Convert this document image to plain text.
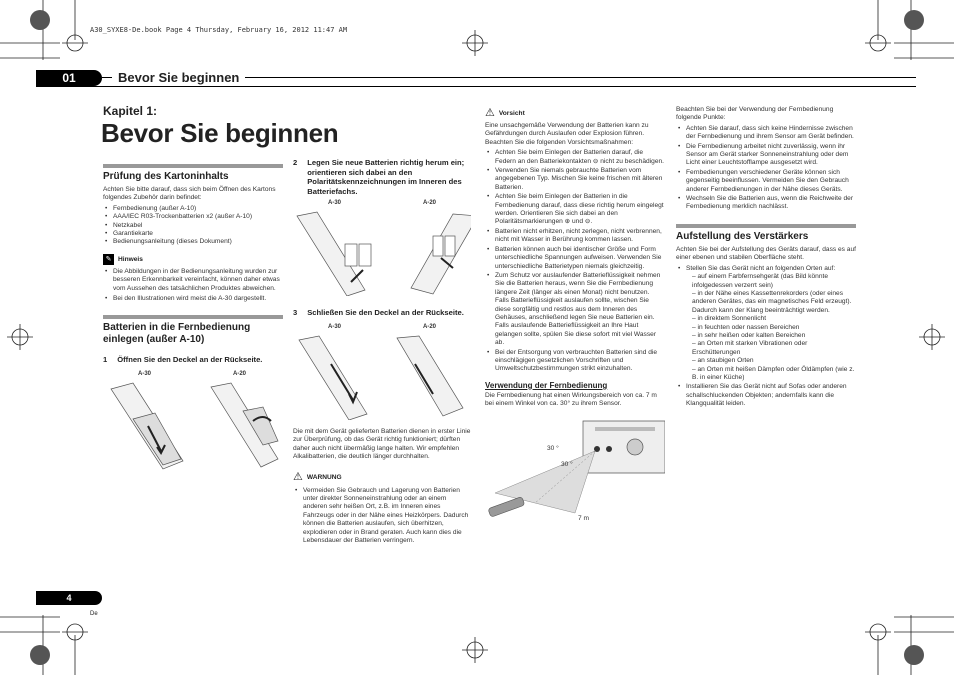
A30_SYXE8-De.book Page 4 Thursday, February 16, 2012 11:47 AM
01	Bevor Sie beginnen
Kapitel 1:
Bevor Sie beginnen
Prüfung des Kartoninhalts
Achten Sie bitte darauf, dass sich beim Öffnen des Kartons folgendes Zubehör darin befindet:
• Fernbedienung (außer A-10)
• AAA/IEC R03-Trockenbatterien x2 (außer A-10)
• Netzkabel
• Garantiekarte
• Bedienungsanleitung (dieses Dokument)
✎ Hinweis
• Die Abbildungen in der Bedienungsanleitung wurden zur besseren Erkennbarkeit vereinfacht, können daher etwas vom Aussehen des tatsächlichen Produktes abweichen.
• Bei den Illustrationen wird meist die A-30 dargestellt.
Batterien in die Fernbedienung
einlegen (außer A-10)
1 Öffnen Sie den Deckel an der Rückseite.
A-30	A-20
2 Legen Sie neue Batterien richtig herum ein; orientieren sich dabei an den Polaritätskennzeichnungen im Inneren des Batteriefachs.
A-30	A-20
3 Schließen Sie den Deckel an der Rückseite.
A-30	A-20
Die mit dem Gerät gelieferten Batterien dienen in erster Linie zur Überprüfung, ob das Gerät richtig funktioniert; dürften daher auch nicht übermäßig lange halten. Wir empfehlen Alkalibatterien, die deutlich länger durchhalten.
⚠ WARNUNG
• Vermeiden Sie Gebrauch und Lagerung von Batterien unter direkter Sonneneinstrahlung oder an einem anderen sehr heißen Ort, z.B. im Inneren eines Fahrzeugs oder in der Nähe eines Heizkörpers. Dadurch können die Batterien auslaufen, sich überhitzen, explodieren oder in Brand geraten. Auch kann dies die Lebensdauer der Batterien verringern.
⚠ Vorsicht
Eine unsachgemäße Verwendung der Batterien kann zu Gefährdungen durch Auslaufen oder Explosion führen. Beachten Sie die folgenden Vorsichtsmaßnahmen:
• Achten Sie beim Einlegen der Batterien darauf, die Federn an den Batteriekontakten ⊖ nicht zu beschädigen.
• Verwenden Sie niemals gebrauchte Batterien vom angegebenen Typ. Mischen Sie keine frischen mit älteren Batterien.
• Achten Sie beim Einlegen der Batterien in die Fernbedienung darauf, dass diese richtig herum eingelegt werden. Orientieren Sie sich dabei an den Polaritätsmarkierungen ⊕ und ⊖.
• Batterien nicht erhitzen, nicht zerlegen, nicht verbrennen, nicht mit Wasser in Berührung kommen lassen.
• Batterien können auch bei identischer Größe und Form unterschiedliche Spannungen aufweisen. Verwenden Sie unterschiedliche Batterietypen niemals gleichzeitig.
• Zum Schutz vor auslaufender Batterieflüssigkeit nehmen Sie die Batterien heraus, wenn Sie die Fernbedienung längere Zeit (länger als einen Monat) nicht benutzen. Falls Batterieflüssigkeit auslaufen sollte, wischen Sie diese sorgfältig und restlos aus dem Inneren des Gehäuses, anschließend legen Sie neue Batterien ein. Falls auslaufende Batterieflüssigkeit an Ihre Haut gelangen sollte, spülen Sie diese sofort mit viel Wasser ab.
• Bei der Entsorgung von verbrauchten Batterien sind die einschlägigen gesetzlichen Vorschriften und Umweltschutzbestimmungen strikt einzuhalten.
Verwendung der Fernbedienung
Die Fernbedienung hat einen Wirkungsbereich von ca. 7 m bei einem Winkel von ca. 30° zu ihrem Sensor.
30 °
30 °
7 m
Beachten Sie bei der Verwendung der Fernbedienung folgende Punkte:
• Achten Sie darauf, dass sich keine Hindernisse zwischen der Fernbedienung und ihrem Sensor am Gerät befinden.
• Die Fernbedienung arbeitet nicht zuverlässig, wenn ihr Sensor am Gerät starker Sonneneinstrahlung oder dem Licht einer Leuchtstofflampe ausgesetzt wird.
• Fernbedienungen verschiedener Geräte können sich gegenseitig beeinflussen. Vermeiden Sie den Gebrauch anderer Fernbedienungen in der Nähe dieses Geräts.
• Wechseln Sie die Batterien aus, wenn die Reichweite der Fernbedienung merklich nachlässt.
Aufstellung des Verstärkers
Achten Sie bei der Aufstellung des Geräts darauf, dass es auf einer ebenen und stabilen Oberfläche steht.
• Stellen Sie das Gerät nicht an folgenden Orten auf:
– auf einem Farbfernsehgerät (das Bild könnte infolgedessen verzerrt sein)
– in der Nähe eines Kassettenrekorders (oder eines anderen Gerätes, das ein magnetisches Feld erzeugt). Dadurch kann der Klang beeinträchtigt werden.
– in direktem Sonnenlicht
– in feuchten oder nassen Bereichen
– in sehr heißen oder kalten Bereichen
– an Orten mit starken Vibrationen oder Erschütterungen
– an staubigen Orten
– an Orten mit heißen Dämpfen oder Öldämpfen (wie z. B. in einer Küche)
• Installieren Sie das Gerät nicht auf Sofas oder anderen schallschluckenden Objekten; andernfalls kann die Klangqualität leiden.
4
De
